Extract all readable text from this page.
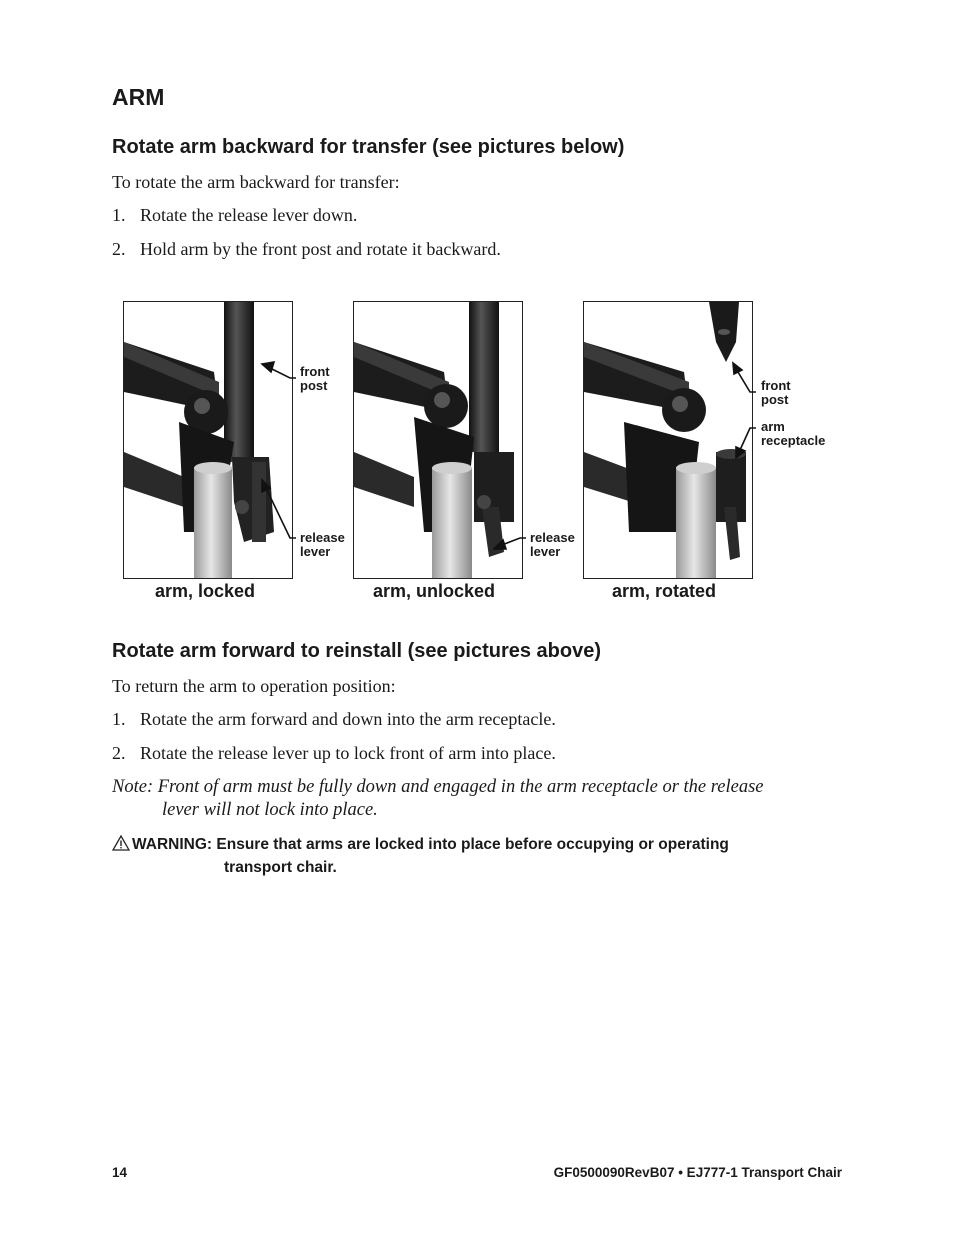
ARM
Rotate arm backward for transfer (see pictures below)

To rotate the arm backward for transfer:

1. Rotate the release lever down.
2. Hold arm by the front post and rotate it backward.
front
post
release
lever
release
lever
front
post
arm
receptacle
arm, locked	arm, unlocked	arm, rotated
Rotate arm forward to reinstall (see pictures above)

To return the arm to operation position:

1. Rotate the arm forward and down into the arm receptacle.
2. Rotate the release lever up to lock front of arm into place.
Note: Front of arm must be fully down and engaged in the arm receptacle or the release
lever will not lock into place.
WARNING: Ensure that arms are locked into place before occupying or operating
transport chair.
14	GF0500090RevB07 • EJ777-1 Transport Chair
